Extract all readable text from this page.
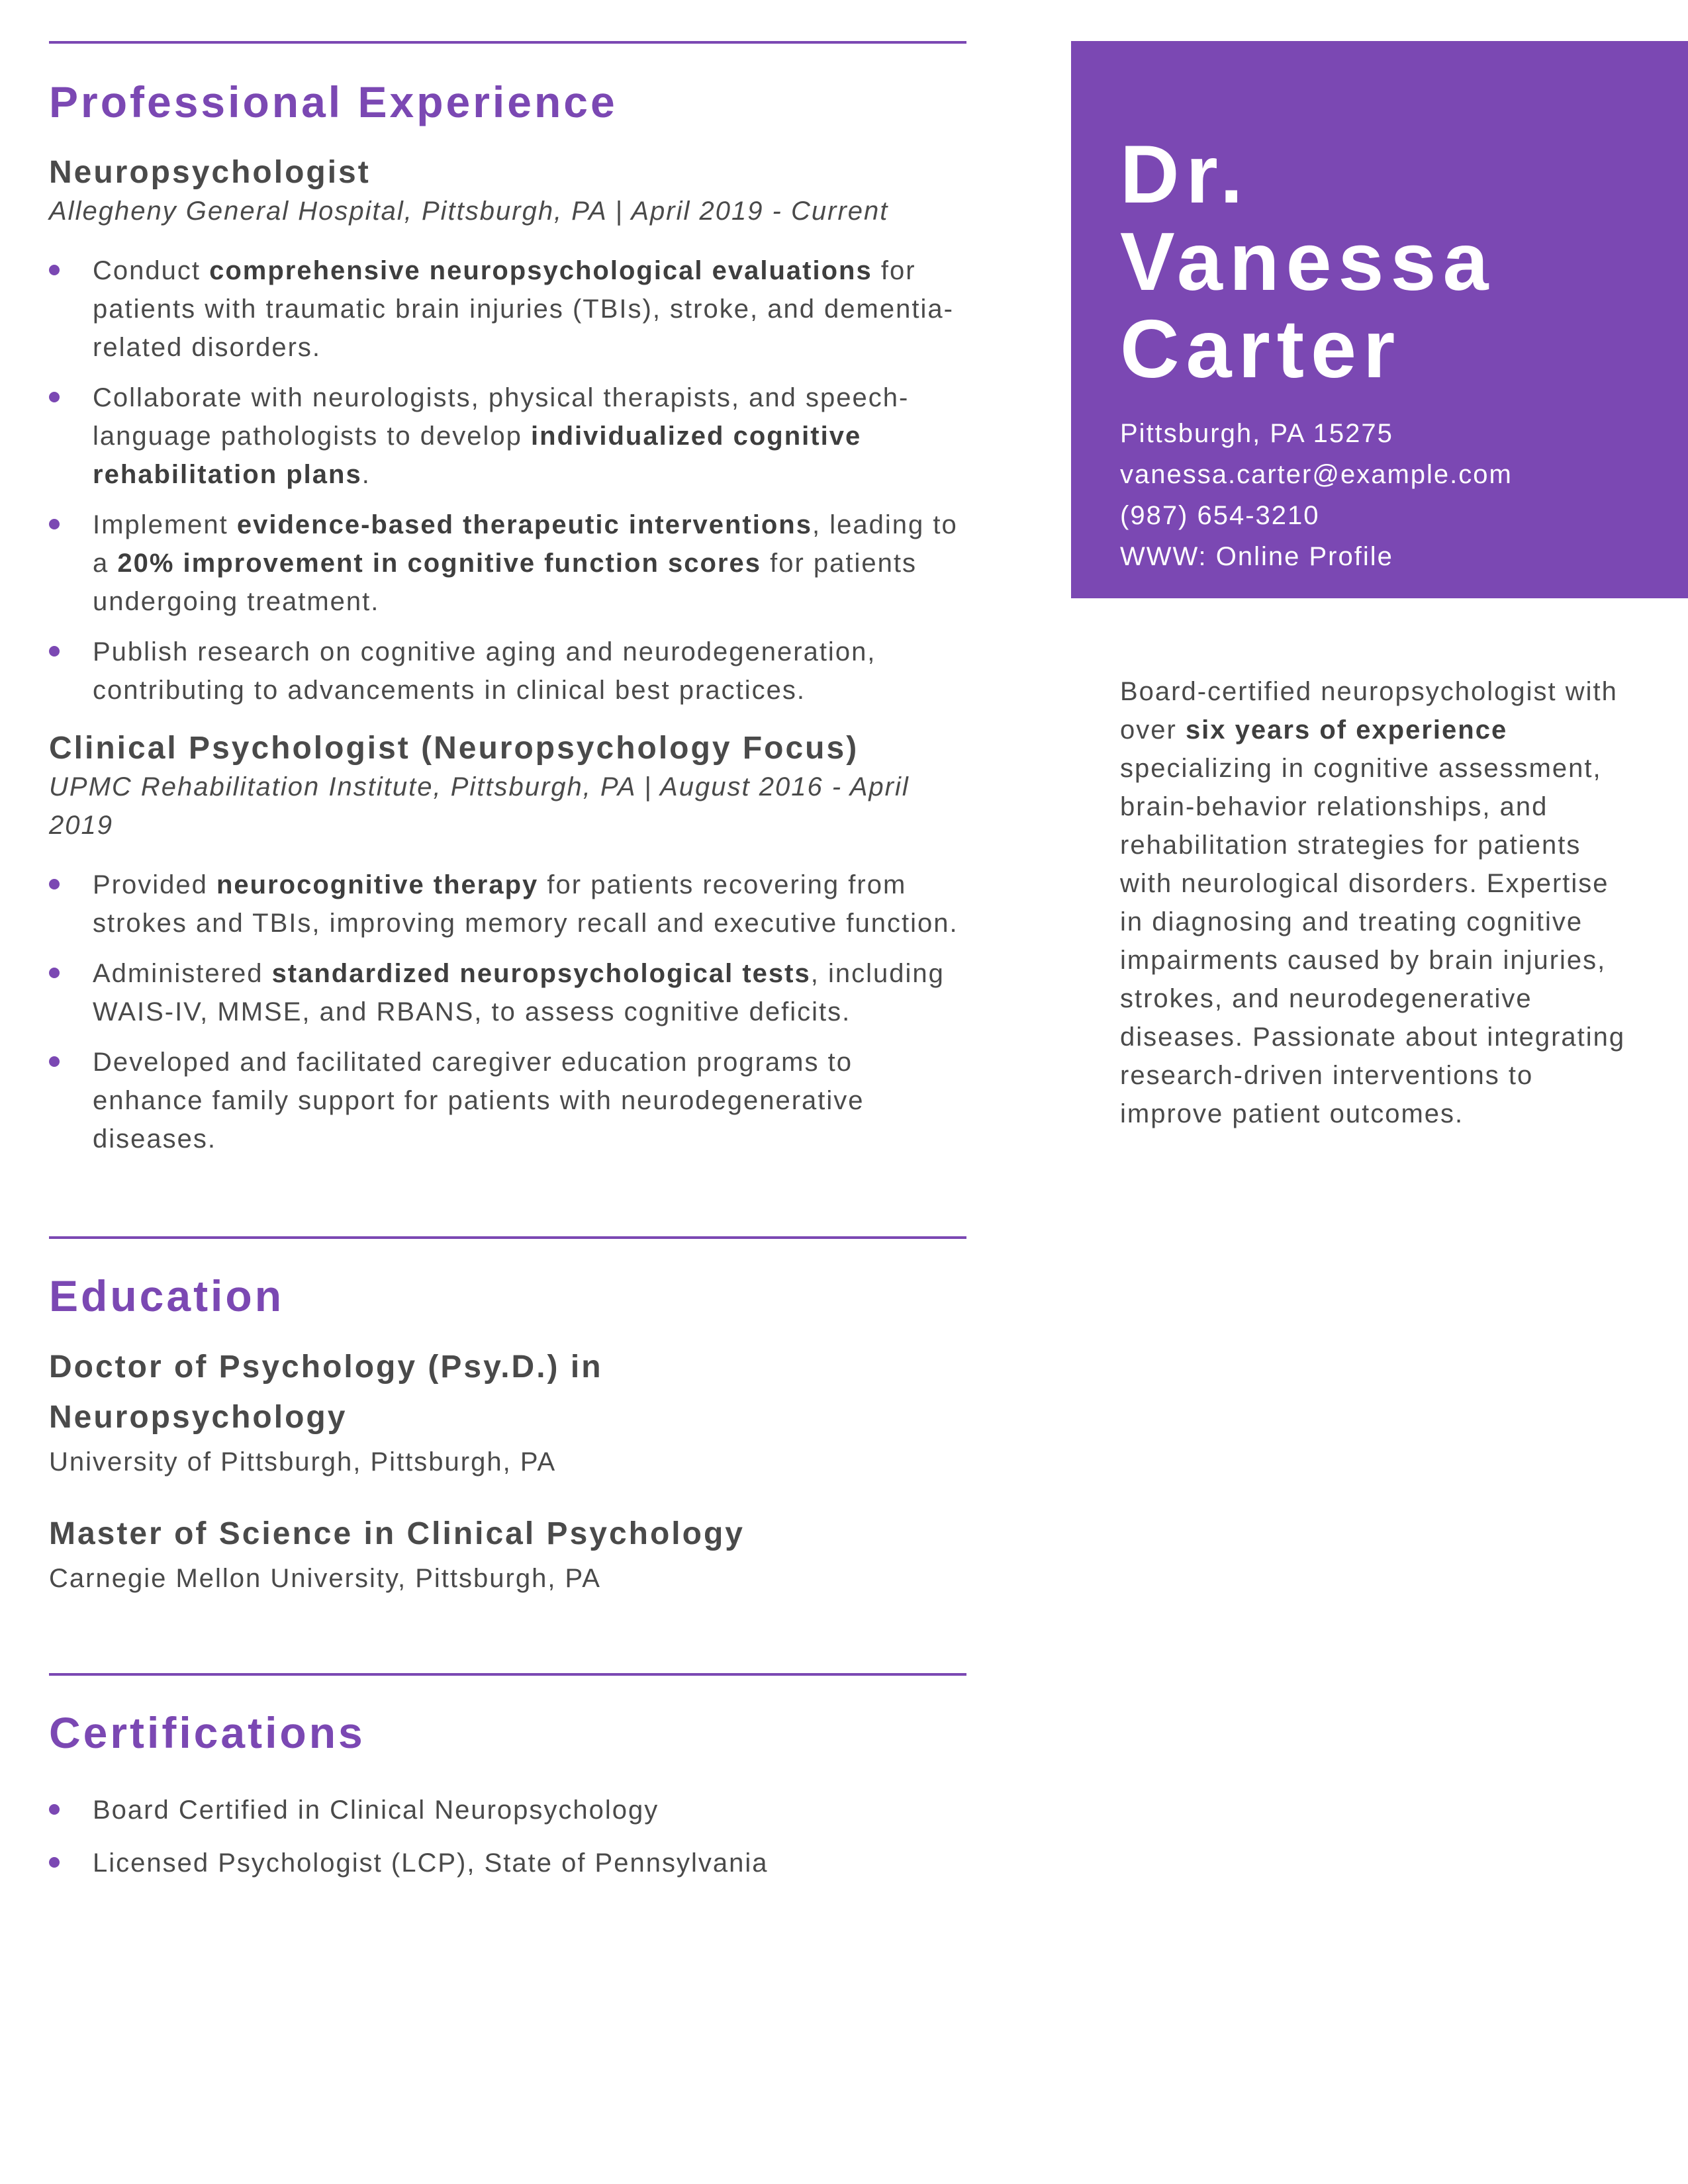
Professional Experience

Neuropsychologist

Allegheny General Hospital, Pittsburgh, PA | April 2019 - Current

Conduct comprehensive neuropsychological evaluations for patients with traumatic brain injuries (TBIs), stroke, and dementia-related disorders.
Collaborate with neurologists, physical therapists, and speech-language pathologists to develop individualized cognitive rehabilitation plans.
Implement evidence-based therapeutic interventions, leading to a 20% improvement in cognitive function scores for patients undergoing treatment.
Publish research on cognitive aging and neurodegeneration, contributing to advancements in clinical best practices.

Clinical Psychologist (Neuropsychology Focus)

UPMC Rehabilitation Institute, Pittsburgh, PA | August 2016 - April 2019

Provided neurocognitive therapy for patients recovering from strokes and TBIs, improving memory recall and executive function.
Administered standardized neuropsychological tests, including WAIS-IV, MMSE, and RBANS, to assess cognitive deficits.
Developed and facilitated caregiver education programs to enhance family support for patients with neurodegenerative diseases.
Education

Doctor of Psychology (Psy.D.) in Neuropsychology

University of Pittsburgh, Pittsburgh, PA

Master of Science in Clinical Psychology

Carnegie Mellon University, Pittsburgh, PA

Certifications
Board Certified in Clinical Neuropsychology
Licensed Psychologist (LCP), State of Pennsylvania

Dr.

Vanessa

Carter

Pittsburgh, PA 15275

vanessa.carter@example.com

(987) 654-3210

WWW: Online Profile

Board-certified neuropsychologist with over six years of experience specializing in cognitive assessment, brain-behavior relationships, and rehabilitation strategies for patients with neurological disorders. Expertise in diagnosing and treating cognitive impairments caused by brain injuries, strokes, and neurodegenerative diseases. Passionate about integrating research-driven interventions to improve patient outcomes.
